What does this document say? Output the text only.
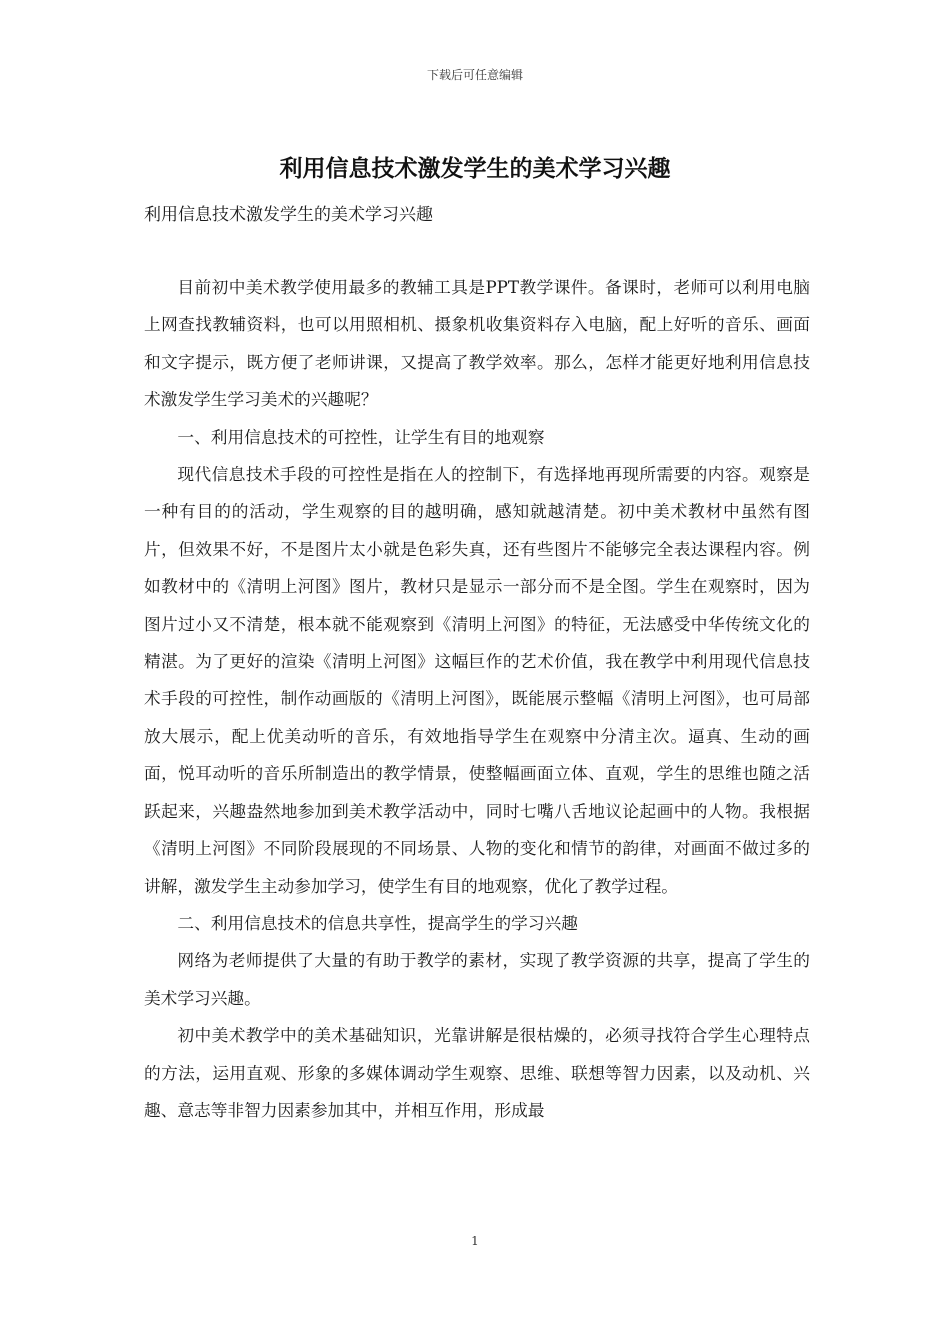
下载后可任意编辑
利用信息技术激发学生的美术学习兴趣
利用信息技术激发学生的美术学习兴趣

目前初中美术教学使用最多的教辅工具是PPT教学课件。备课时，老师可以利用电脑上网查找教辅资料，也可以用照相机、摄象机收集资料存入电脑，配上好听的音乐、画面和文字提示，既方便了老师讲课，又提高了教学效率。那么，怎样才能更好地利用信息技术激发学生学习美术的兴趣呢？

一、利用信息技术的可控性，让学生有目的地观察

现代信息技术手段的可控性是指在人的控制下，有选择地再现所需要的内容。观察是一种有目的的活动，学生观察的目的越明确，感知就越清楚。初中美术教材中虽然有图片，但效果不好，不是图片太小就是色彩失真，还有些图片不能够完全表达课程内容。例如教材中的《清明上河图》图片，教材只是显示一部分而不是全图。学生在观察时，因为图片过小又不清楚，根本就不能观察到《清明上河图》的特征，无法感受中华传统文化的精湛。为了更好的渲染《清明上河图》这幅巨作的艺术价值，我在教学中利用现代信息技术手段的可控性，制作动画版的《清明上河图》，既能展示整幅《清明上河图》，也可局部放大展示，配上优美动听的音乐，有效地指导学生在观察中分清主次。逼真、生动的画面，悦耳动听的音乐所制造出的教学情景，使整幅画面立体、直观，学生的思维也随之活跃起来，兴趣盎然地参加到美术教学活动中，同时七嘴八舌地议论起画中的人物。我根据《清明上河图》不同阶段展现的不同场景、人物的变化和情节的韵律，对画面不做过多的讲解，激发学生主动参加学习，使学生有目的地观察，优化了教学过程。

二、利用信息技术的信息共享性，提高学生的学习兴趣

网络为老师提供了大量的有助于教学的素材，实现了教学资源的共享，提高了学生的美术学习兴趣。

初中美术教学中的美术基础知识，光靠讲解是很枯燥的，必须寻找符合学生心理特点的方法，运用直观、形象的多媒体调动学生观察、思维、联想等智力因素，以及动机、兴趣、意志等非智力因素参加其中，并相互作用，形成最

1
